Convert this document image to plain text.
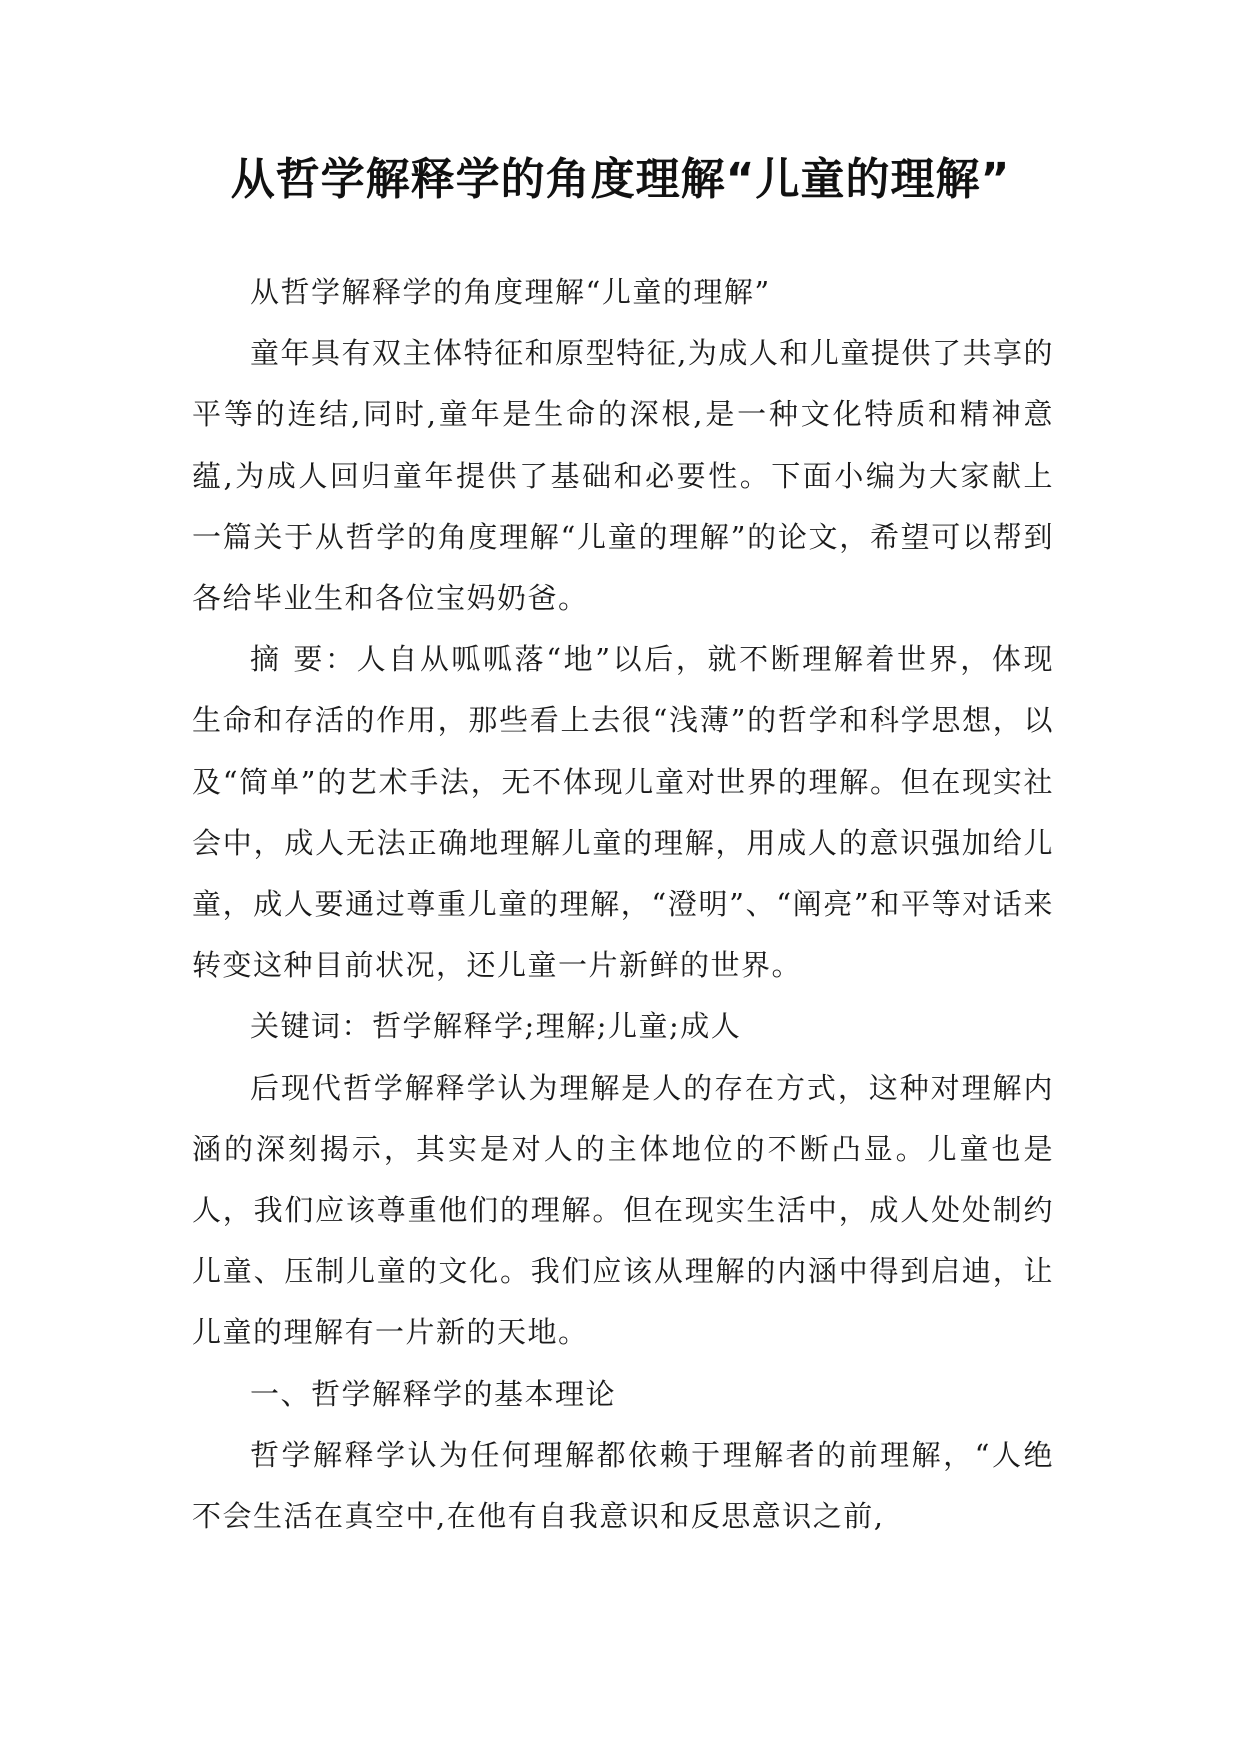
从哲学解释学的角度理解“儿童的理解”

从哲学解释学的角度理解“儿童的理解”

童年具有双主体特征和原型特征,为成人和儿童提供了共享的平等的连结,同时,童年是生命的深根,是一种文化特质和精神意蕴,为成人回归童年提供了基础和必要性。下面小编为大家献上一篇关于从哲学的角度理解“儿童的理解”的论文，希望可以帮到各给毕业生和各位宝妈奶爸。

摘 要：人自从呱呱落“地”以后，就不断理解着世界，体现生命和存活的作用，那些看上去很“浅薄”的哲学和科学思想，以及“简单”的艺术手法，无不体现儿童对世界的理解。但在现实社会中，成人无法正确地理解儿童的理解，用成人的意识强加给儿童，成人要通过尊重儿童的理解，“澄明”、“阐亮”和平等对话来转变这种目前状况，还儿童一片新鲜的世界。

关键词：哲学解释学;理解;儿童;成人

后现代哲学解释学认为理解是人的存在方式，这种对理解内涵的深刻揭示，其实是对人的主体地位的不断凸显。儿童也是人，我们应该尊重他们的理解。但在现实生活中，成人处处制约儿童、压制儿童的文化。我们应该从理解的内涵中得到启迪，让儿童的理解有一片新的天地。

一、哲学解释学的基本理论

哲学解释学认为任何理解都依赖于理解者的前理解，“人绝不会生活在真空中,在他有自我意识和反思意识之前,
